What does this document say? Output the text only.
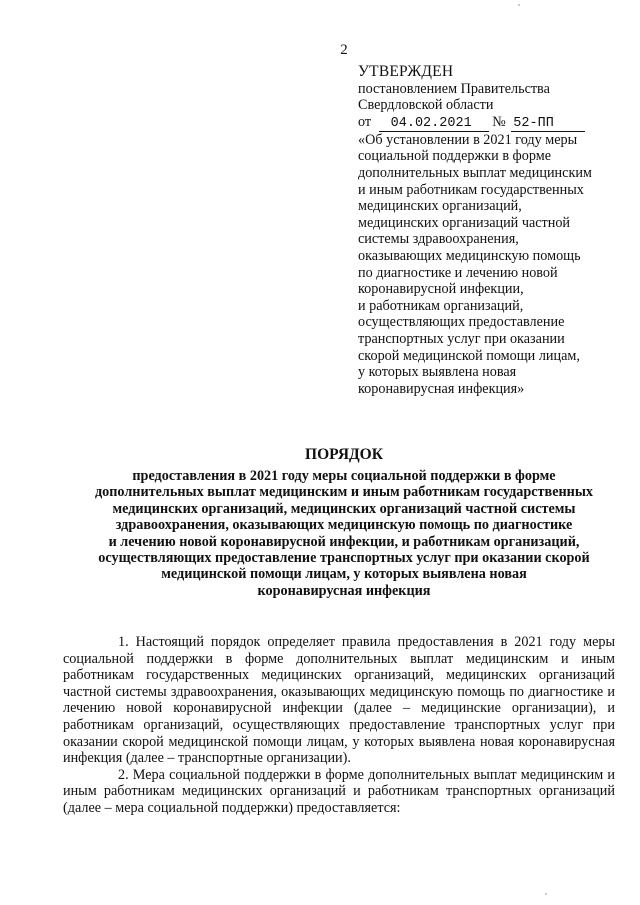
2
УТВЕРЖДЕН
постановлением Правительства
Свердловской области
от 04.02.2021 № 52-ПП
«Об установлении в 2021 году меры
социальной поддержки в форме
дополнительных выплат медицинским
и иным работникам государственных
медицинских организаций,
медицинских организаций частной
системы здравоохранения,
оказывающих медицинскую помощь
по диагностике и лечению новой
коронавирусной инфекции,
и работникам организаций,
осуществляющих предоставление
транспортных услуг при оказании
скорой медицинской помощи лицам,
у которых выявлена новая
коронавирусная инфекция»
ПОРЯДОК
предоставления в 2021 году меры социальной поддержки в форме
дополнительных выплат медицинским и иным работникам государственных
медицинских организаций, медицинских организаций частной системы
здравоохранения, оказывающих медицинскую помощь по диагностике
и лечению новой коронавирусной инфекции, и работникам организаций,
осуществляющих предоставление транспортных услуг при оказании скорой
медицинской помощи лицам, у которых выявлена новая
коронавирусная инфекция

1. Настоящий порядок определяет правила предоставления в 2021 году меры социальной поддержки в форме дополнительных выплат медицинским и иным работникам государственных медицинских организаций, медицинских организаций частной системы здравоохранения, оказывающих медицинскую помощь по диагностике и лечению новой коронавирусной инфекции (далее – медицинские организации), и работникам организаций, осуществляющих предоставление транспортных услуг при оказании скорой медицинской помощи лицам, у которых выявлена новая коронавирусная инфекция (далее – транспортные организации).

2. Мера социальной поддержки в форме дополнительных выплат медицинским и иным работникам медицинских организаций и работникам транспортных организаций (далее – мера социальной поддержки) предоставляется:
